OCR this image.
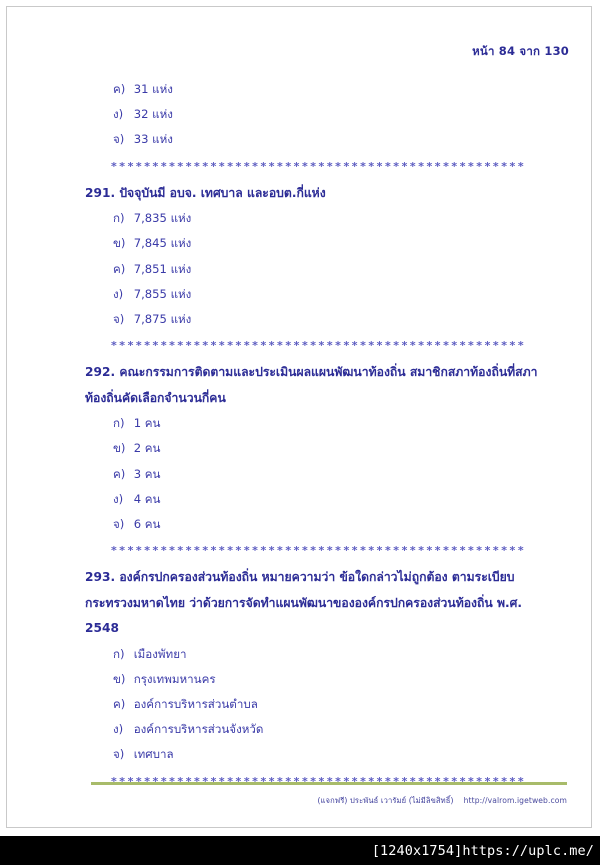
หน้า 84 จาก 130
ค) 31 แห่ง
ง) 32 แห่ง
จ) 33 แห่ง
**************************************************
291. ปัจจุบันมี อบจ. เทศบาล และอบต.กี่แห่ง
ก) 7,835 แห่ง
ข) 7,845 แห่ง
ค) 7,851 แห่ง
ง) 7,855 แห่ง
จ) 7,875 แห่ง
**************************************************
292. คณะกรรมการติดตามและประเมินผลแผนพัฒนาท้องถิ่น สมาชิกสภาท้องถิ่นที่สภา
ท้องถิ่นคัดเลือกจำนวนกี่คน
ก) 1 คน
ข) 2 คน
ค) 3 คน
ง) 4 คน
จ) 6 คน
**************************************************
293. องค์กรปกครองส่วนท้องถิ่น หมายความว่า ข้อใดกล่าวไม่ถูกต้อง ตามระเบียบ
กระทรวงมหาดไทย ว่าด้วยการจัดทำแผนพัฒนาขององค์กรปกครองส่วนท้องถิ่น พ.ศ.
2548
ก) เมืองพัทยา
ข) กรุงเทพมหานคร
ค) องค์การบริหารส่วนตำบล
ง) องค์การบริหารส่วนจังหวัด
จ) เทศบาล
(แจกฟรี) ประพันธ์ เวารัมย์ (ไม่มีลิขสิทธิ์) http://valrom.igetweb.com
[1240x1754]https://uplc.me/
